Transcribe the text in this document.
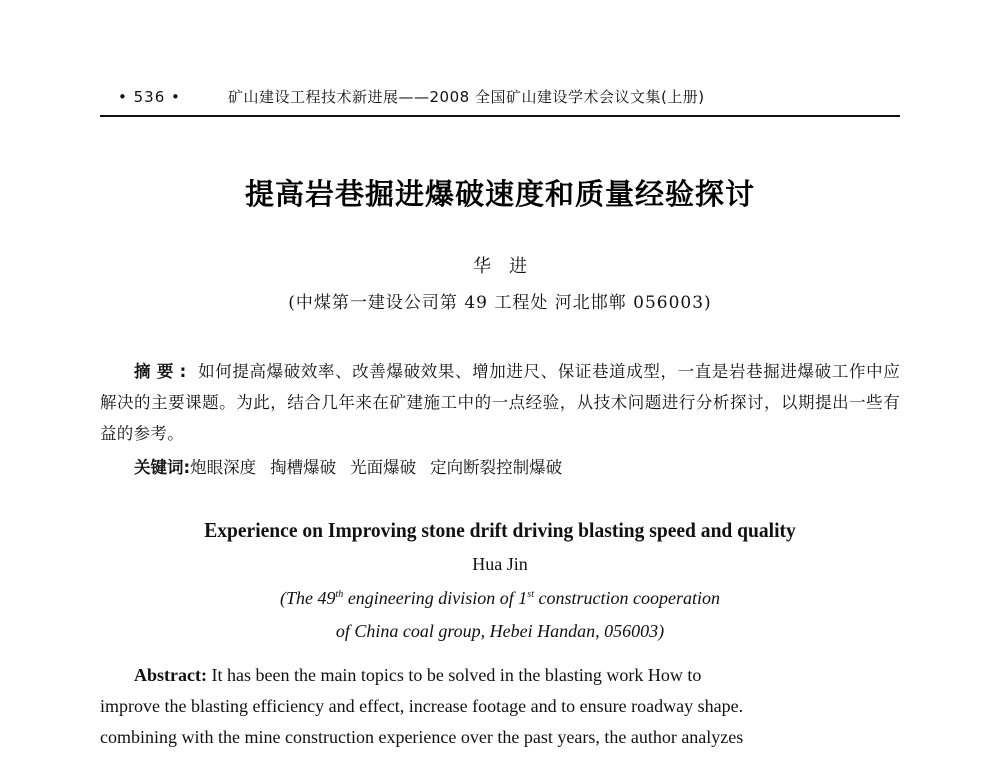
• 536 •	矿山建设工程技术新进展——2008 全国矿山建设学术会议文集(上册)
提高岩巷掘进爆破速度和质量经验探讨
华进
(中煤第一建设公司第 49 工程处 河北邯郸 056003)
摘要: 如何提高爆破效率、改善爆破效果、增加进尺、保证巷道成型，一直是岩巷掘进爆破工作中应解决的主要课题。为此，结合几年来在矿建施工中的一点经验，从技术问题进行分析探讨，以期提出一些有益的参考。
关键词:炮眼深度 掏槽爆破 光面爆破 定向断裂控制爆破
Experience on Improving stone drift driving blasting speed and quality
Hua Jin
(The 49th engineering division of 1st construction cooperation
of China coal group, Hebei Handan, 056003)
Abstract: It has been the main topics to be solved in the blasting work How to
improve the blasting efficiency and effect, increase footage and to ensure roadway shape.
combining with the mine construction experience over the past years, the author analyzes
